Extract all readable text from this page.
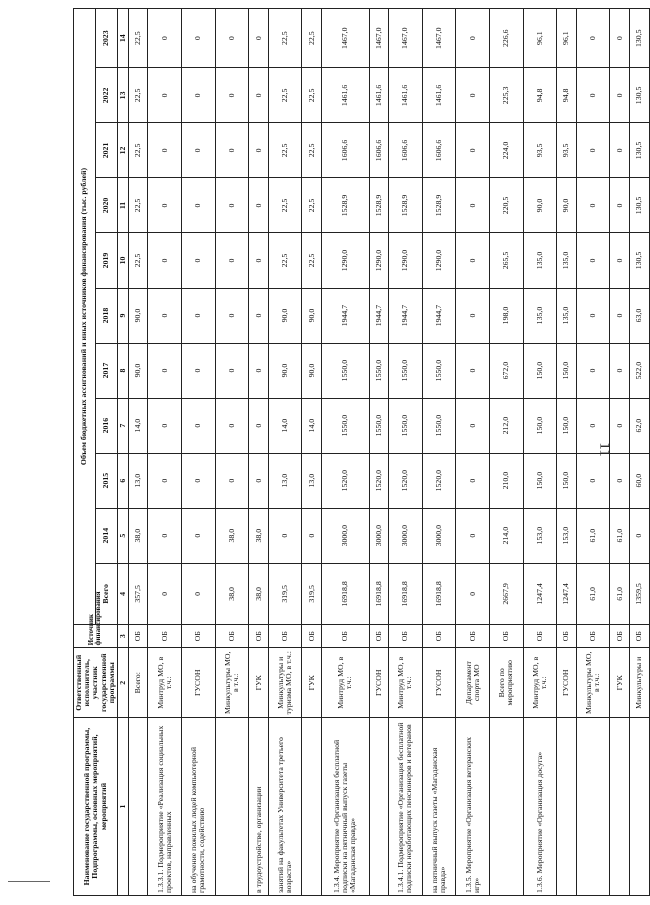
11
Наименование государственной программы, Подпрограммы, основных мероприятий, мероприятий	Ответственный исполнитель, участник государственной программы	Источник финансирования	Объем бюджетных ассигнований и иных источников финансирования (тыс. рублей)										
			Всего	2014	2015	2016	2017	2018	2019	2020	2021	2022	2023
1	2	3	4	5	6	7	8	9	10	11	12	13	14
	Всего:	ОБ	357,5	38,0	13,0	14,0	90,0	90,0	22,5	22,5	22,5	22,5	22,5
1.3.3.1. Подмероприятие «Реализация социальных проектов, направленных	Минтруд МО, в т.ч.:	ОБ	0	0	0	0	0	0	0	0	0	0	0
на обучение пожилых людей компьютерной грамотности, содействию	ГУСОН	ОБ	0	0	0	0	0	0	0	0	0	0	0
	Минкультуры МО, в т.ч.:	ОБ	38,0	38,0	0	0	0	0	0	0	0	0	0
в трудоустройстве, организации	ГУК	ОБ	38,0	38,0	0	0	0	0	0	0	0	0	0
занятий на факультетах Университета третьего возраста»	Минкультуры и туризма МО, в т.ч.:	ОБ	319,5	0	13,0	14,0	90,0	90,0	22,5	22,5	22,5	22,5	22,5
	ГУК	ОБ	319,5	0	13,0	14,0	90,0	90,0	22,5	22,5	22,5	22,5	22,5
1.3.4. Мероприятие «Организация бесплатной подписки на пятничный выпуск газеты «Магаданская правда»	Минтруд МО, в т.ч.:	ОБ	16918,8	3000,0	1520,0	1550,0	1550,0	1944,7	1290,0	1528,9	1606,6	1461,6	1467,0
	ГУСОН	ОБ	16918,8	3000,0	1520,0	1550,0	1550,0	1944,7	1290,0	1528,9	1606,6	1461,6	1467,0
1.3.4.1. Подмероприятие «Организация бесплатной подписки неработающих пенсионеров и ветеранов	Минтруд МО, в т.ч.:	ОБ	16918,8	3000,0	1520,0	1550,0	1550,0	1944,7	1290,0	1528,9	1606,6	1461,6	1467,0
на пятничный выпуск газеты «Магаданская правда»	ГУСОН	ОБ	16918,8	3000,0	1520,0	1550,0	1550,0	1944,7	1290,0	1528,9	1606,6	1461,6	1467,0
1.3.5. Мероприятие «Организация ветеранских игр»	Департамент спорта МО	ОБ	0	0	0	0	0	0	0	0	0	0	0
	Всего по мероприятию	ОБ	2667,9	214,0	210,0	212,0	672,0	198,0	265,5	220,5	224,0	225,3	226,6
1.3.6. Мероприятие «Организация досуга»	Минтруд МО, в т.ч.:	ОБ	1247,4	153,0	150,0	150,0	150,0	135,0	135,0	90,0	93,5	94,8	96,1
	ГУСОН	ОБ	1247,4	153,0	150,0	150,0	150,0	135,0	135,0	90,0	93,5	94,8	96,1
	Минкультуры МО, в т.ч.:	ОБ	61,0	61,0	0	0	0	0	0	0	0	0	0
	ГУК	ОБ	61,0	61,0	0	0	0	0	0	0	0	0	0
	Минкультуры и	ОБ	1359,5	0	60,0	62,0	522,0	63,0	130,5	130,5	130,5	130,5	130,5
